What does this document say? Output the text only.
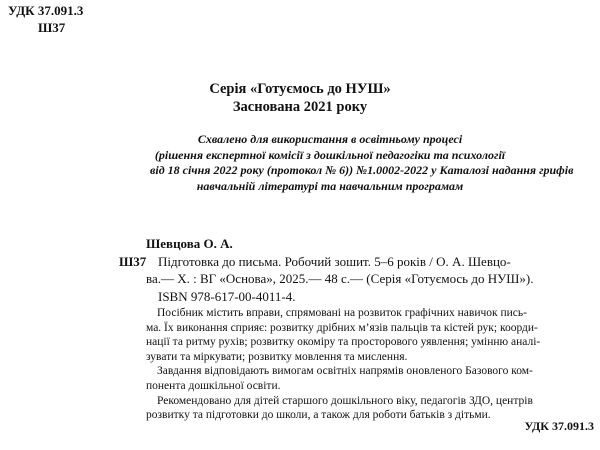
УДК 37.091.3
Ш37
Серія «Готуємось до НУШ»
Заснована 2021 року
Схвалено для використання в освітньому процесі
(рішення експертної комісії з дошкільної педагогіки та психології
від 18 січня 2022 року (протокол № 6)) №1.0002-2022 у Каталозі надання грифів
навчальній літературі та навчальним програмам
Ш37
Шевцова О. А.
Підготовка до письма. Робочий зошит. 5–6 років / О. А. Шевцо-
ва.— Х. : ВГ «Основа», 2025.— 48 с.— (Серія «Готуємось до НУШ»).
ISBN 978-617-00-4011-4.
Посібник містить вправи, спрямовані на розвиток графічних навичок пись-
ма. Їх виконання сприяє: розвитку дрібних м’язів пальців та кістей рук; коорди-
нації та ритму рухів; розвитку окоміру та просторового уявлення; умінню аналі-
зувати та міркувати; розвитку мовлення та мислення.
Завдання відповідають вимогам освітніх напрямів оновленого Базового ком-
понента дошкільної освіти.
Рекомендовано для дітей старшого дошкільного віку, педагогів ЗДО, центрів
розвитку та підготовки до школи, а також для роботи батьків з дітьми.
УДК 37.091.3
